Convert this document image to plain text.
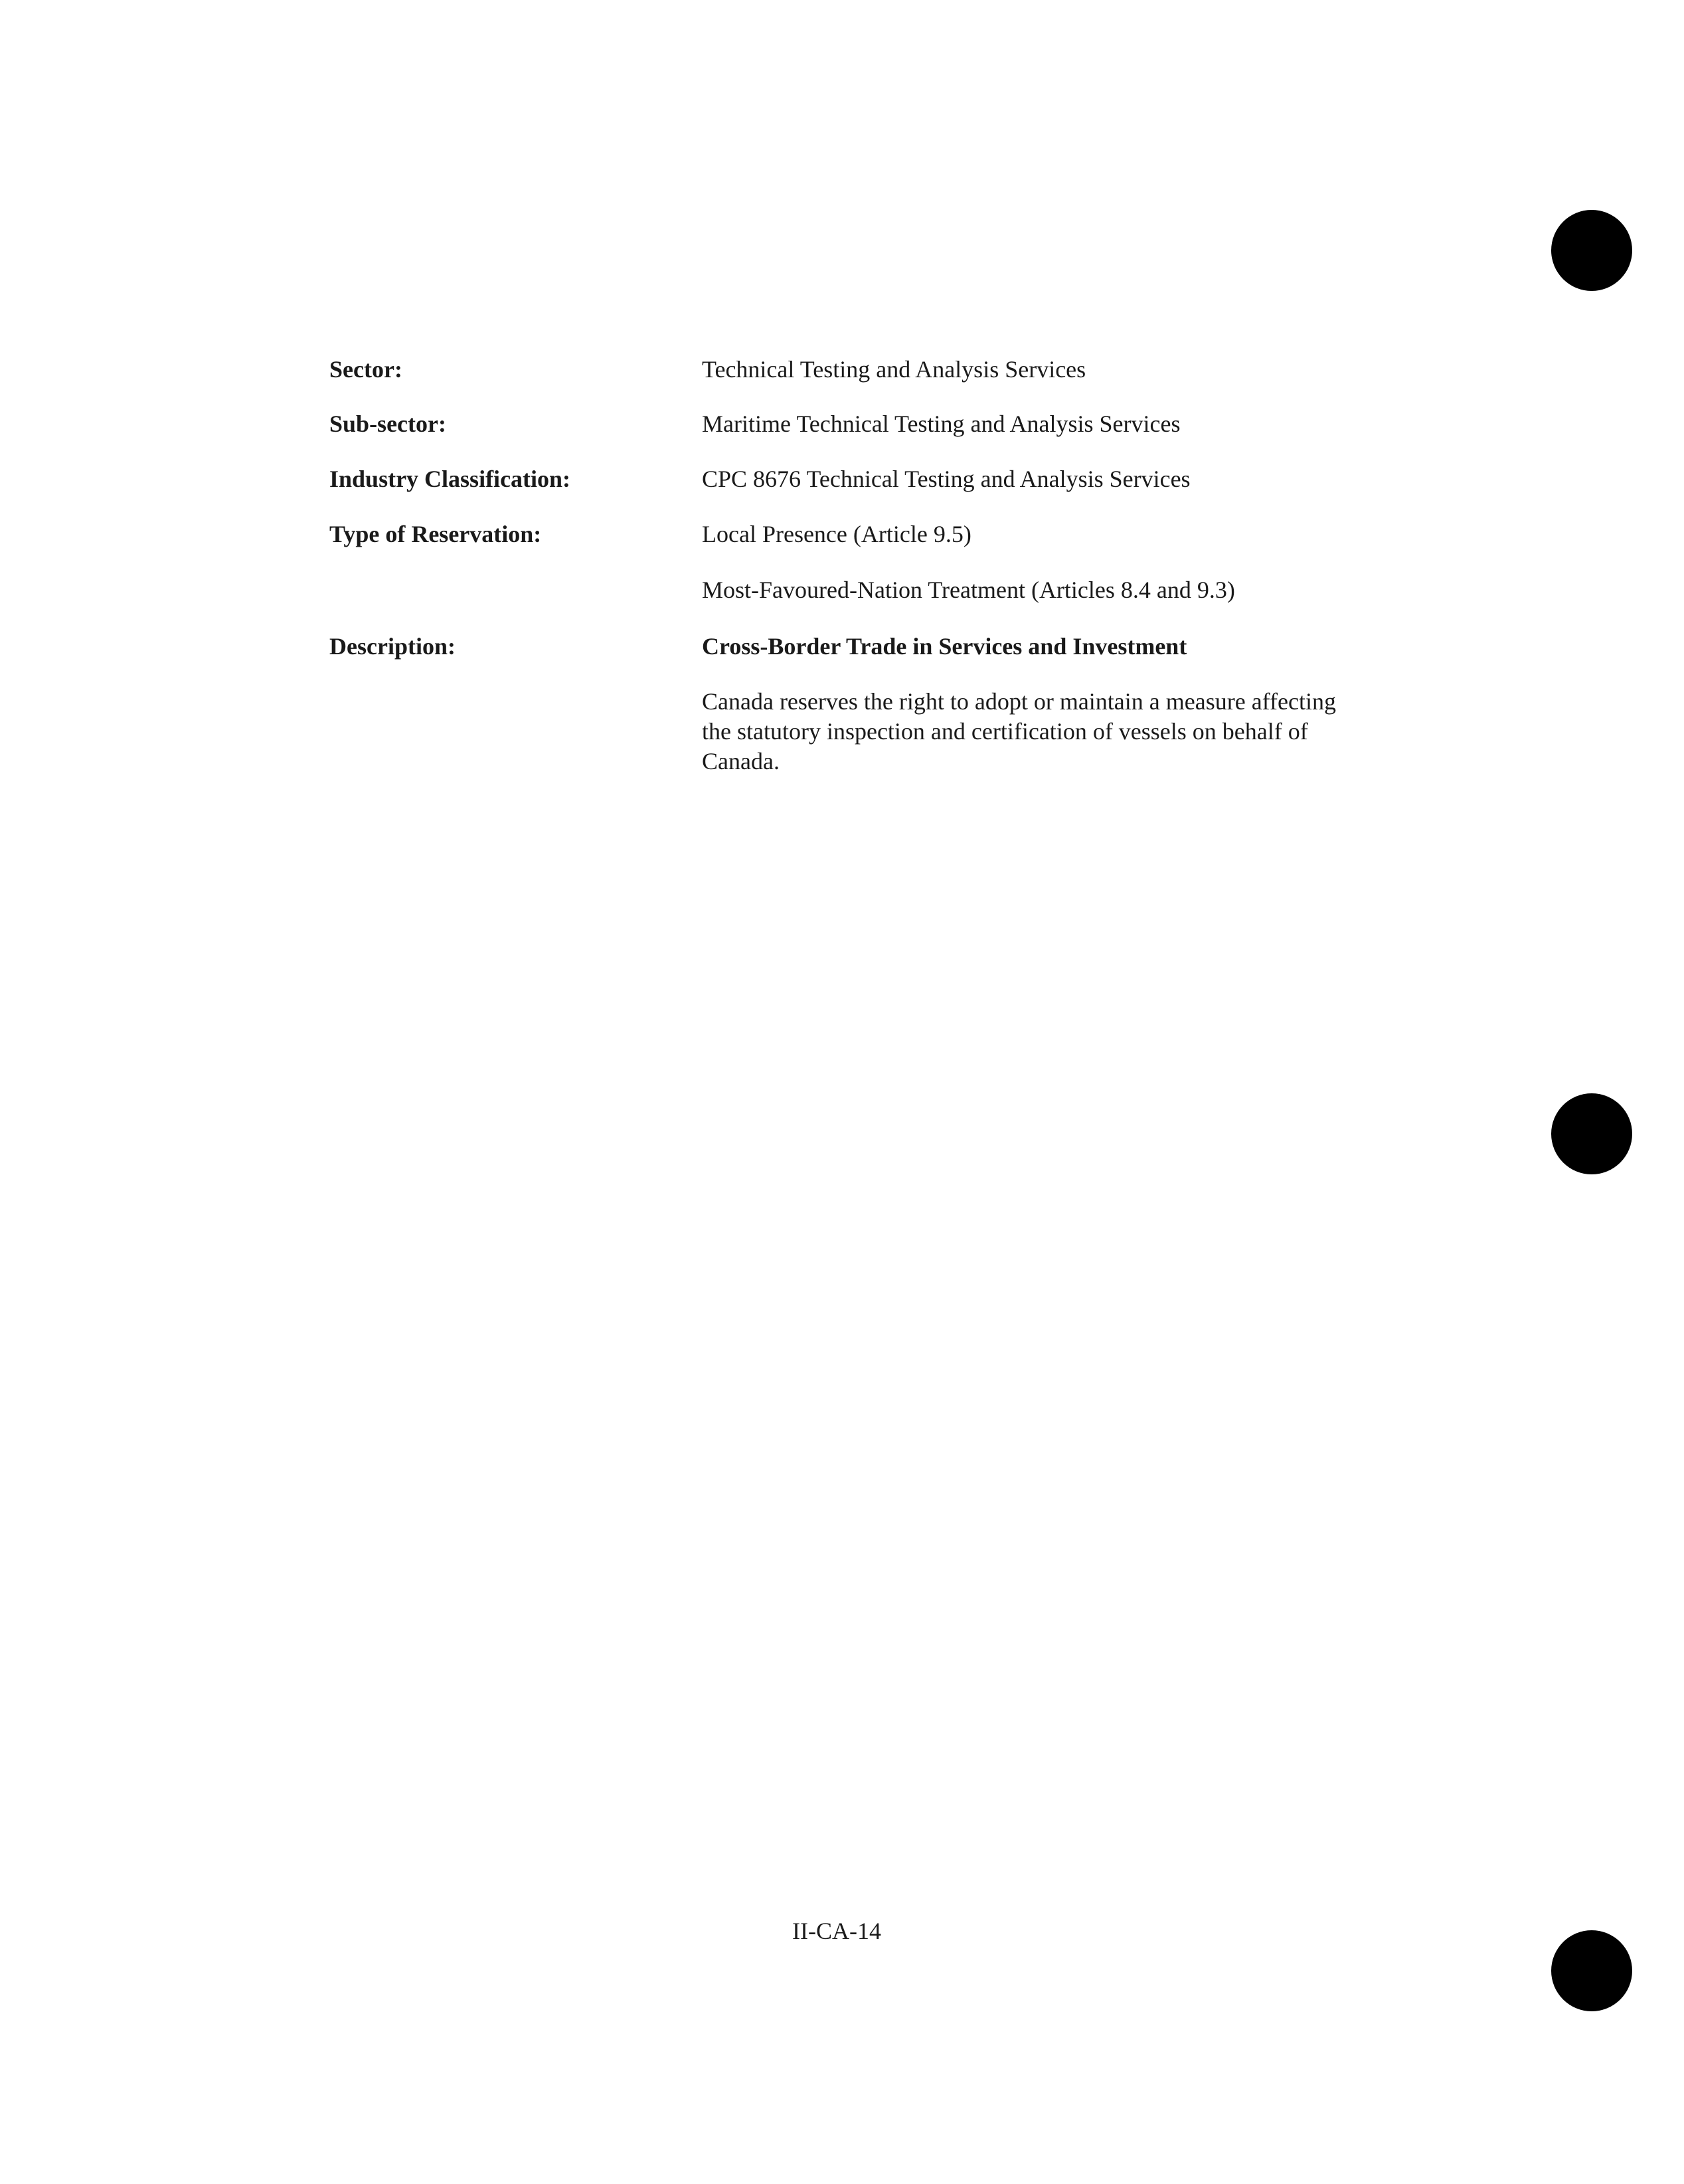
Sector:	Technical Testing and Analysis Services
Sub-sector:	Maritime Technical Testing and Analysis Services
Industry Classification:	CPC 8676 Technical Testing and Analysis Services
Type of Reservation:	Local Presence (Article 9.5)
Most-Favoured-Nation Treatment (Articles 8.4 and 9.3)
Description:	Cross-Border Trade in Services and Investment
Canada reserves the right to adopt or maintain a measure affecting the statutory inspection and certification of vessels on behalf of Canada.
II-CA-14
